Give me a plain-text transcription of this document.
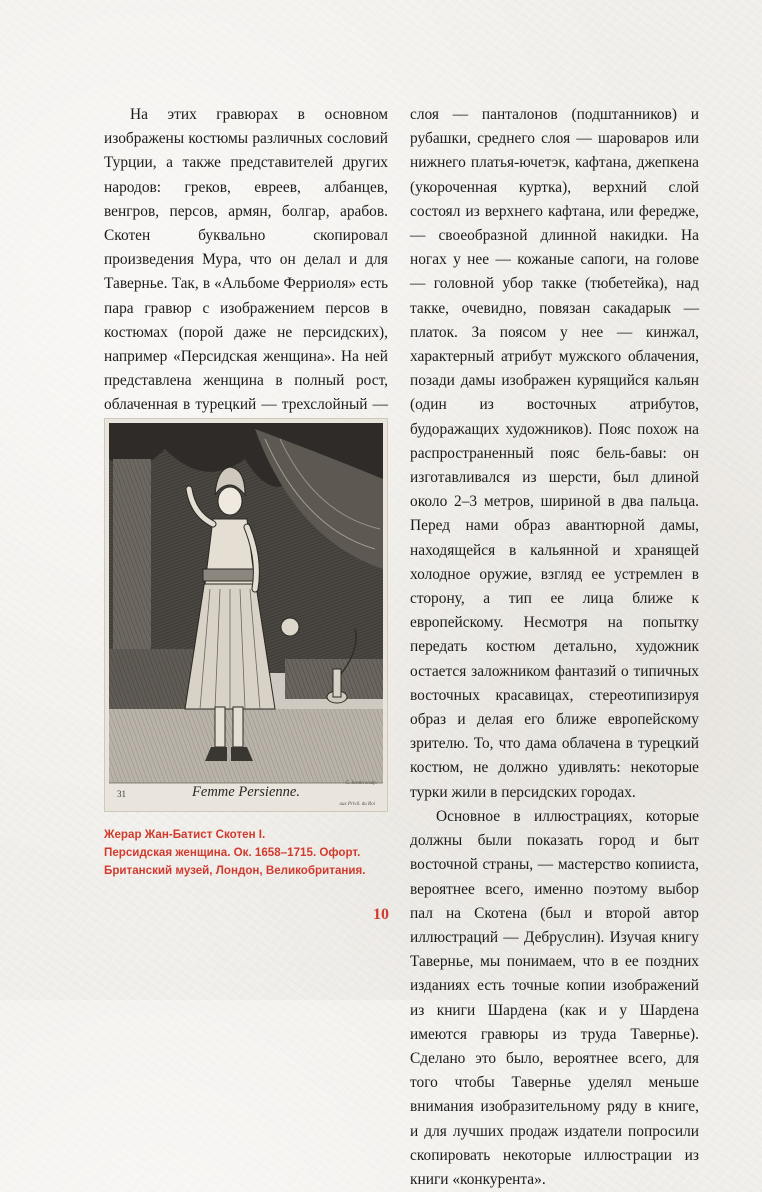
На этих гравюрах в основном изображены костюмы различных сословий Турции, а также представителей других народов: греков, евреев, албанцев, венгров, персов, армян, болгар, арабов. Скотен буквально скопировал произведения Мура, что он делал и для Тавернье. Так, в «Альбоме Ферриоля» есть пара гравюр с изображением персов в костюмах (порой даже не персидских), например «Персидская женщина». На ней представлена женщина в полный рост, облаченная в турецкий — трехслойный —

слоя — панталонов (подштанников) и рубашки, среднего слоя — шароваров или нижнего платья-ючетэк, кафтана, джепкена (укороченная куртка), верхний слой состоял из верхнего кафтана, или фередже, — своеобразной длинной накидки. На ногах у нее — кожаные сапоги, на голове — головной убор такке (тюбетейка), над такке, очевидно, повязан сакадарык — платок. За поясом у нее — кинжал, характерный атрибут мужского облачения, позади дамы изображен курящийся кальян (один из восточных атрибутов, будоражащих художников). Пояс похож на распространенный пояс бель-бавы: он изготавливался из шерсти, был длиной около 2–3 метров, шириной в два пальца. Перед нами образ авантюрной дамы, находящейся в кальянной и хранящей холодное оружие, взгляд ее устремлен в сторону, а тип ее лица ближе к европейскому. Несмотря на попытку передать костюм детально, художник остается заложником фантазий о типичных восточных красавицах, стереотипизируя образ и делая его ближе европейскому зрителю. То, что дама облачена в турецкий костюм, не должно удивлять: некоторые турки жили в персидских городах.

Основное в иллюстрациях, которые должны были показать город и быт восточной страны, — мастерство копииста, вероятнее всего, именно поэтому выбор пал на Скотена (был и второй автор иллюстраций — Дебруслин). Изучая книгу Тавернье, мы понимаем, что в ее поздних изданиях есть точные копии изображений из книги Шардена (как и у Шардена имеются гравюры из труда Тавернье). Сделано это было, вероятнее всего, для того чтобы Тавернье уделял меньше внимания изобразительному ряду в книге, и для лучших продаж издатели попросили скопировать некоторые иллюстрации из книги «конкурента».

G. Scotin sculp.
31	Femme Persienne.
aux Privil. du Roi
Жерар Жан-Батист Скотен I.
Персидская женщина. Ок. 1658–1715. Офорт.
Британский музей, Лондон, Великобритания.
10
